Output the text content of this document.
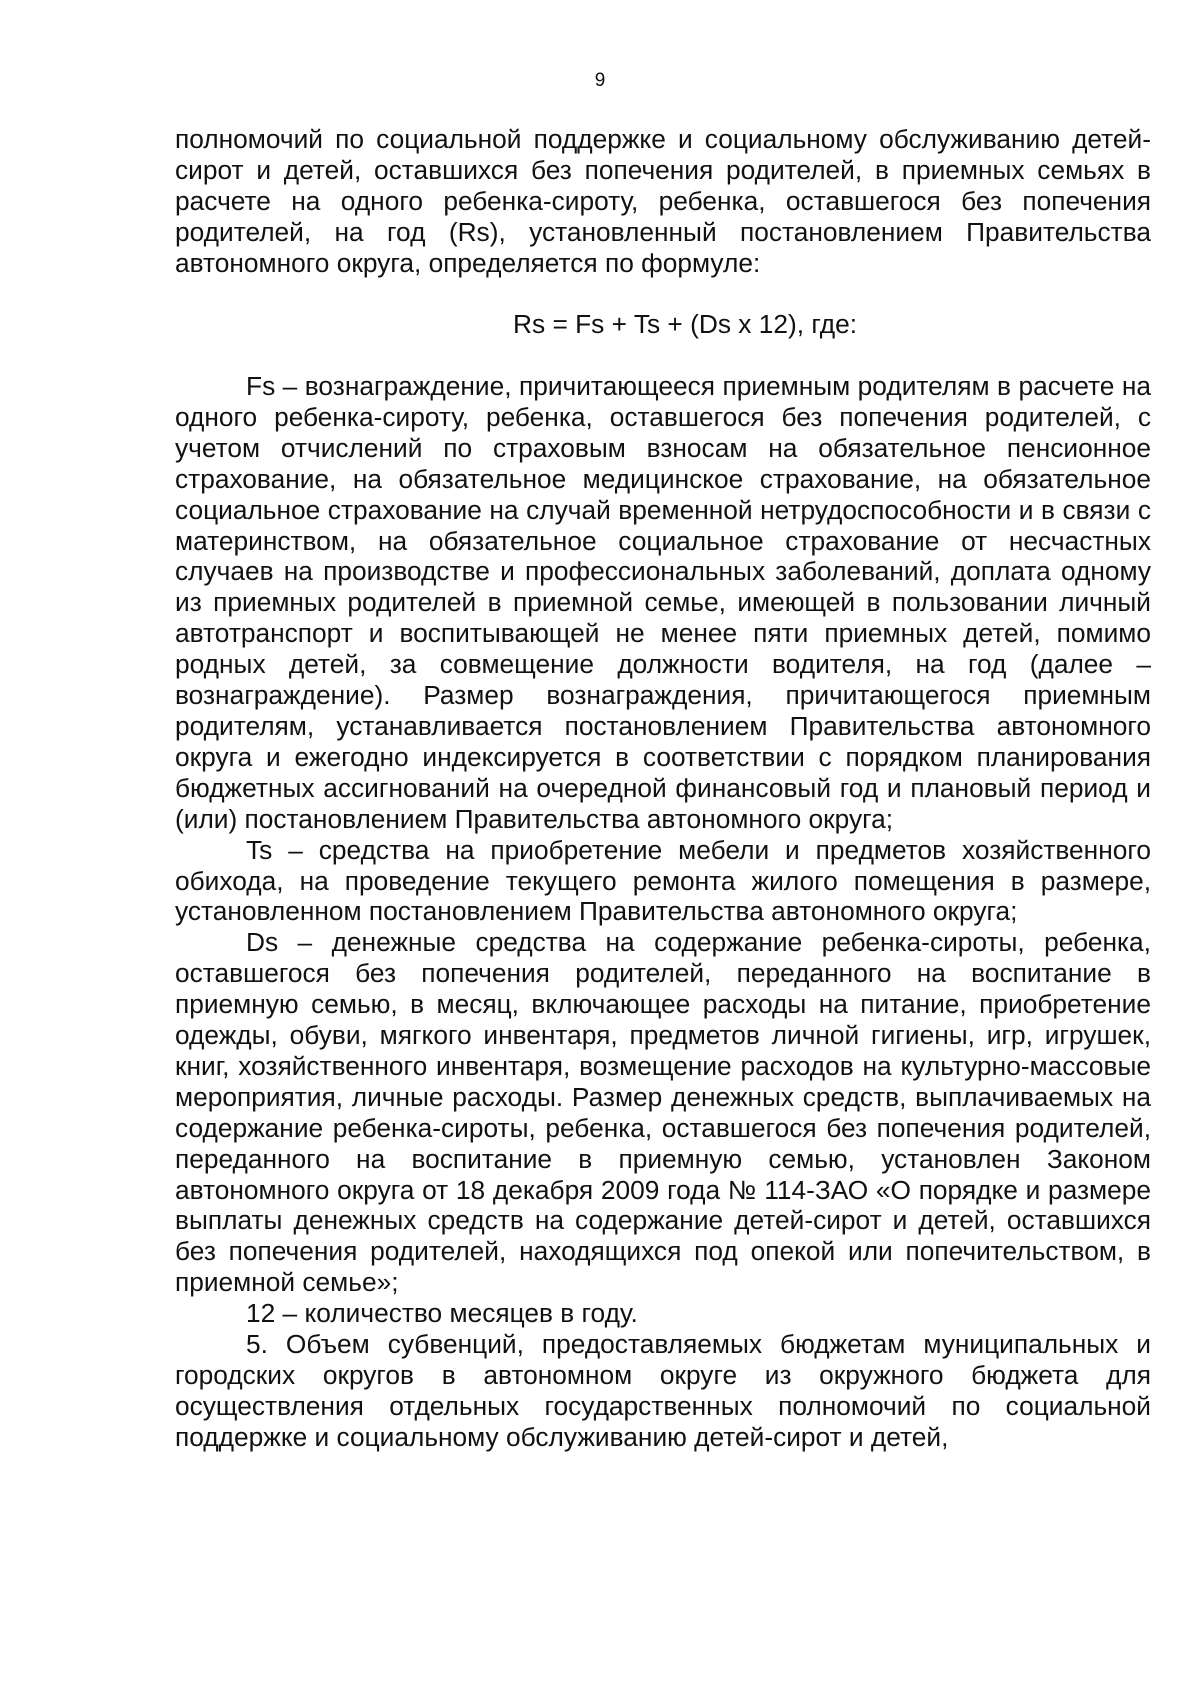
9

полномочий по социальной поддержке и социальному обслуживанию детей-сирот и детей, оставшихся без попечения родителей, в приемных семьях в расчете на одного ребенка-сироту, ребенка, оставшегося без попечения родителей, на год (Rs), установленный постановлением Правительства автономного округа, определяется по формуле:

Rs = Fs + Ts + (Ds x 12), где:

Fs – вознаграждение, причитающееся приемным родителям в расчете на одного ребенка-сироту, ребенка, оставшегося без попечения родителей, с учетом отчислений по страховым взносам на обязательное пенсионное страхование, на обязательное медицинское страхование, на обязательное социальное страхование на случай временной нетрудоспособности и в связи с материнством, на обязательное социальное страхование от несчастных случаев на производстве и профессиональных заболеваний, доплата одному из приемных родителей в приемной семье, имеющей в пользовании личный автотранспорт и воспитывающей не менее пяти приемных детей, помимо родных детей, за совмещение должности водителя, на год (далее – вознаграждение). Размер вознаграждения, причитающегося приемным родителям, устанавливается постановлением Правительства автономного округа и ежегодно индексируется в соответствии с порядком планирования бюджетных ассигнований на очередной финансовый год и плановый период и (или) постановлением Правительства автономного округа;

Ts – средства на приобретение мебели и предметов хозяйственного обихода, на проведение текущего ремонта жилого помещения в размере, установленном постановлением Правительства автономного округа;

Ds – денежные средства на содержание ребенка-сироты, ребенка, оставшегося без попечения родителей, переданного на воспитание в приемную семью, в месяц, включающее расходы на питание, приобретение одежды, обуви, мягкого инвентаря, предметов личной гигиены, игр, игрушек, книг, хозяйственного инвентаря, возмещение расходов на культурно-массовые мероприятия, личные расходы. Размер денежных средств, выплачиваемых на содержание ребенка-сироты, ребенка, оставшегося без попечения родителей, переданного на воспитание в приемную семью, установлен Законом автономного округа от 18 декабря 2009 года № 114-ЗАО «О порядке и размере выплаты денежных средств на содержание детей-сирот и детей, оставшихся без попечения родителей, находящихся под опекой или попечительством, в приемной семье»;

12 – количество месяцев в году.

5. Объем субвенций, предоставляемых бюджетам муниципальных и городских округов в автономном округе из окружного бюджета для осуществления отдельных государственных полномочий по социальной поддержке и социальному обслуживанию детей-сирот и детей,
